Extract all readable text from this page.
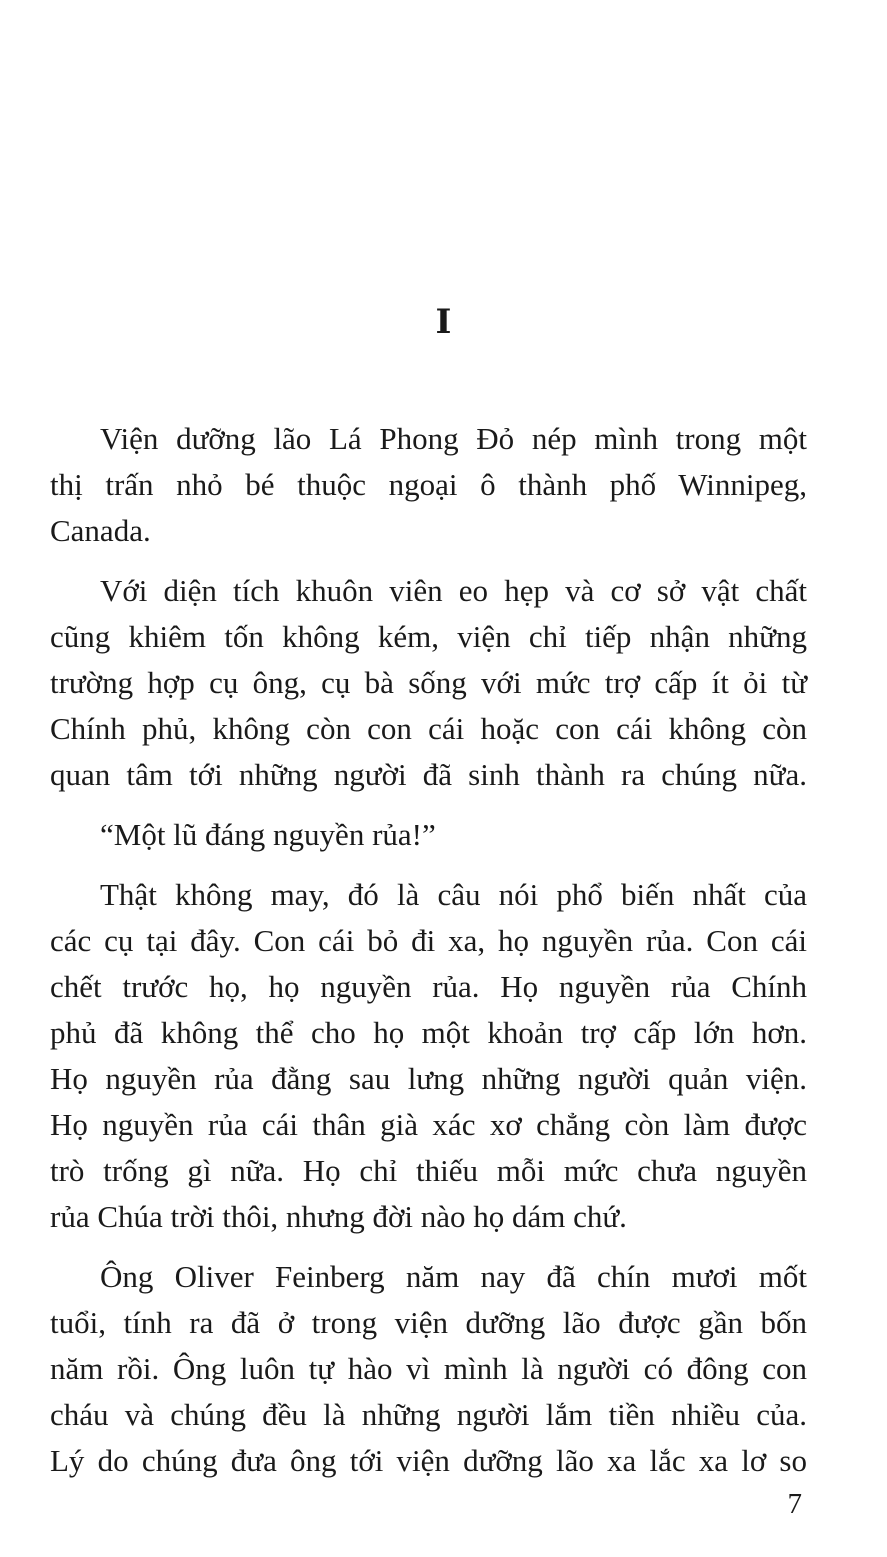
I
Viện dưỡng lão Lá Phong Đỏ nép mình trong một
thị trấn nhỏ bé thuộc ngoại ô thành phố Winnipeg,
Canada.
Với diện tích khuôn viên eo hẹp và cơ sở vật chất
cũng khiêm tốn không kém, viện chỉ tiếp nhận những
trường hợp cụ ông, cụ bà sống với mức trợ cấp ít ỏi từ
Chính phủ, không còn con cái hoặc con cái không còn
quan tâm tới những người đã sinh thành ra chúng nữa.
“Một lũ đáng nguyền rủa!”
Thật không may, đó là câu nói phổ biến nhất của
các cụ tại đây. Con cái bỏ đi xa, họ nguyền rủa. Con cái
chết trước họ, họ nguyền rủa. Họ nguyền rủa Chính
phủ đã không thể cho họ một khoản trợ cấp lớn hơn.
Họ nguyền rủa đằng sau lưng những người quản viện.
Họ nguyền rủa cái thân già xác xơ chẳng còn làm được
trò trống gì nữa. Họ chỉ thiếu mỗi mức chưa nguyền
rủa Chúa trời thôi, nhưng đời nào họ dám chứ.
Ông Oliver Feinberg năm nay đã chín mươi mốt
tuổi, tính ra đã ở trong viện dưỡng lão được gần bốn
năm rồi. Ông luôn tự hào vì mình là người có đông con
cháu và chúng đều là những người lắm tiền nhiều của.
Lý do chúng đưa ông tới viện dưỡng lão xa lắc xa lơ so
7
